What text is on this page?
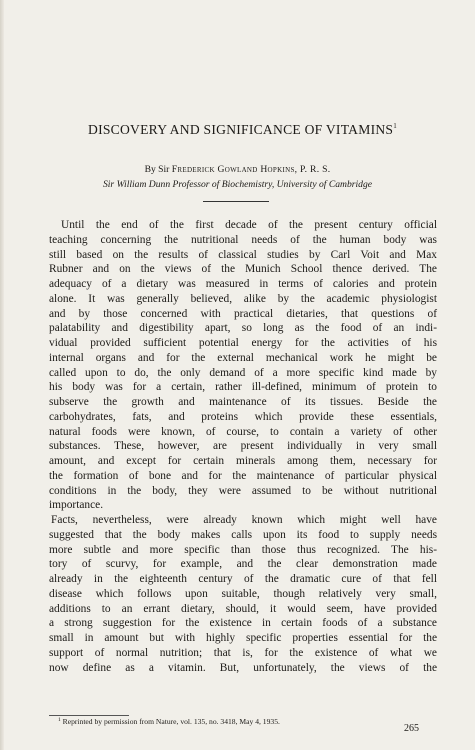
DISCOVERY AND SIGNIFICANCE OF VITAMINS$^1$
By Sir Frederick Gowland Hopkins, P. R. S.
Sir William Dunn Professor of Biochemistry, University of Cambridge
Until the end of the first decade of the present century official
teaching concerning the nutritional needs of the human body was
still based on the results of classical studies by Carl Voit and Max
Rubner and on the views of the Munich School thence derived. The
adequacy of a dietary was measured in terms of calories and protein
alone. It was generally believed, alike by the academic physiologist
and by those concerned with practical dietaries, that questions of
palatability and digestibility apart, so long as the food of an indi-
vidual provided sufficient potential energy for the activities of his
internal organs and for the external mechanical work he might be
called upon to do, the only demand of a more specific kind made by
his body was for a certain, rather ill-defined, minimum of protein to
subserve the growth and maintenance of its tissues. Beside the
carbohydrates, fats, and proteins which provide these essentials,
natural foods were known, of course, to contain a variety of other
substances. These, however, are present individually in very small
amount, and except for certain minerals among them, necessary for
the formation of bone and for the maintenance of particular physical
conditions in the body, they were assumed to be without nutritional
importance.
Facts, nevertheless, were already known which might well have
suggested that the body makes calls upon its food to supply needs
more subtle and more specific than those thus recognized. The his-
tory of scurvy, for example, and the clear demonstration made
already in the eighteenth century of the dramatic cure of that fell
disease which follows upon suitable, though relatively very small,
additions to an errant dietary, should, it would seem, have provided
a strong suggestion for the existence in certain foods of a substance
small in amount but with highly specific properties essential for the
support of normal nutrition; that is, for the existence of what we
now define as a vitamin. But, unfortunately, the views of the
$^1$ Reprinted by permission from Nature, vol. 135, no. 3418, May 4, 1935.
265
